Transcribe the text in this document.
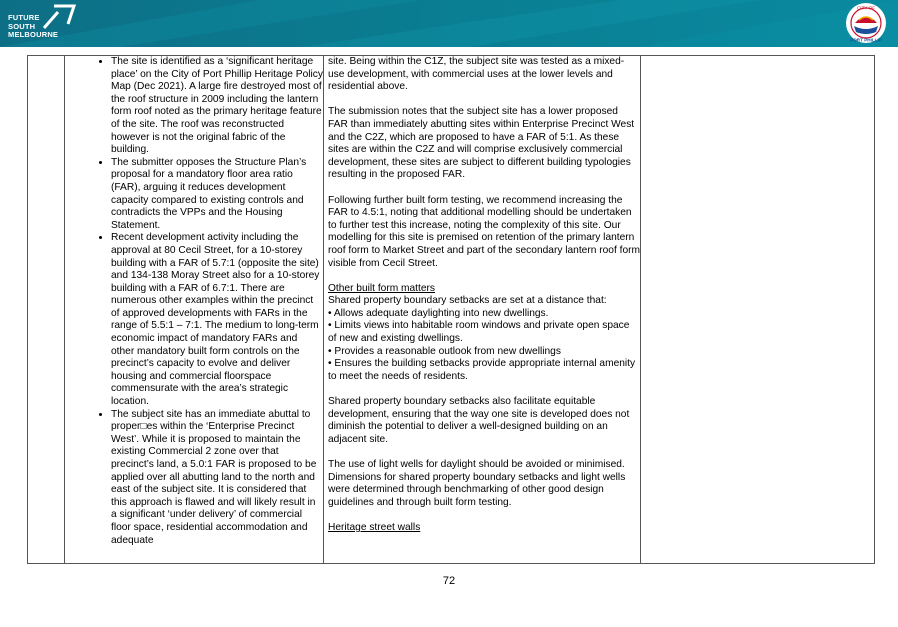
FUTURE
SOUTH
MELBOURNE
CITY OF
PORT PHILLIP

• The site is identified as a ‘significant heritage place’ on the City of Port Phillip Heritage Policy Map (Dec 2021). A large fire destroyed most of the roof structure in 2009 including the lantern form roof noted as the primary heritage feature of the site. The roof was reconstructed however is not the original fabric of the building.
• The submitter opposes the Structure Plan’s proposal for a mandatory floor area ratio (FAR), arguing it reduces development capacity compared to existing controls and contradicts the VPPs and the Housing Statement.
• Recent development activity including the approval at 80 Cecil Street, for a 10-storey building with a FAR of 5.7:1 (opposite the site) and 134-138 Moray Street also for a 10-storey building with a FAR of 6.7:1. There are numerous other examples within the precinct of approved developments with FARs in the range of 5.5:1 – 7:1. The medium to long-term economic impact of mandatory FARs and other mandatory built form controls on the precinct’s capacity to evolve and deliver housing and commercial floorspace commensurate with the area’s strategic location.
• The subject site has an immediate abuttal to proper□es within the ‘Enterprise Precinct West’. While it is proposed to maintain the existing Commercial 2 zone over that precinct’s land, a 5.0:1 FAR is proposed to be applied over all abutting land to the north and east of the subject site. It is considered that this approach is flawed and will likely result in a significant ‘under delivery’ of commercial floor space, residential accommodation and adequate

site. Being within the C1Z, the subject site was tested as a mixed-use development, with commercial uses at the lower levels and residential above.
The submission notes that the subject site has a lower proposed FAR than immediately abutting sites within Enterprise Precinct West and the C2Z, which are proposed to have a FAR of 5:1. As these sites are within the C2Z and will comprise exclusively commercial development, these sites are subject to different building typologies resulting in the proposed FAR.
Following further built form testing, we recommend increasing the FAR to 4.5:1, noting that additional modelling should be undertaken to further test this increase, noting the complexity of this site. Our modelling for this site is premised on retention of the primary lantern roof form to Market Street and part of the secondary lantern roof form visible from Cecil Street.
Other built form matters
Shared property boundary setbacks are set at a distance that:
• Allows adequate daylighting into new dwellings.
• Limits views into habitable room windows and private open space of new and existing dwellings.
• Provides a reasonable outlook from new dwellings
• Ensures the building setbacks provide appropriate internal amenity to meet the needs of residents.
Shared property boundary setbacks also facilitate equitable development, ensuring that the way one site is developed does not diminish the potential to deliver a well-designed building on an adjacent site.
The use of light wells for daylight should be avoided or minimised.
Dimensions for shared property boundary setbacks and light wells were determined through benchmarking of other good design guidelines and through built form testing.
Heritage street walls

72
